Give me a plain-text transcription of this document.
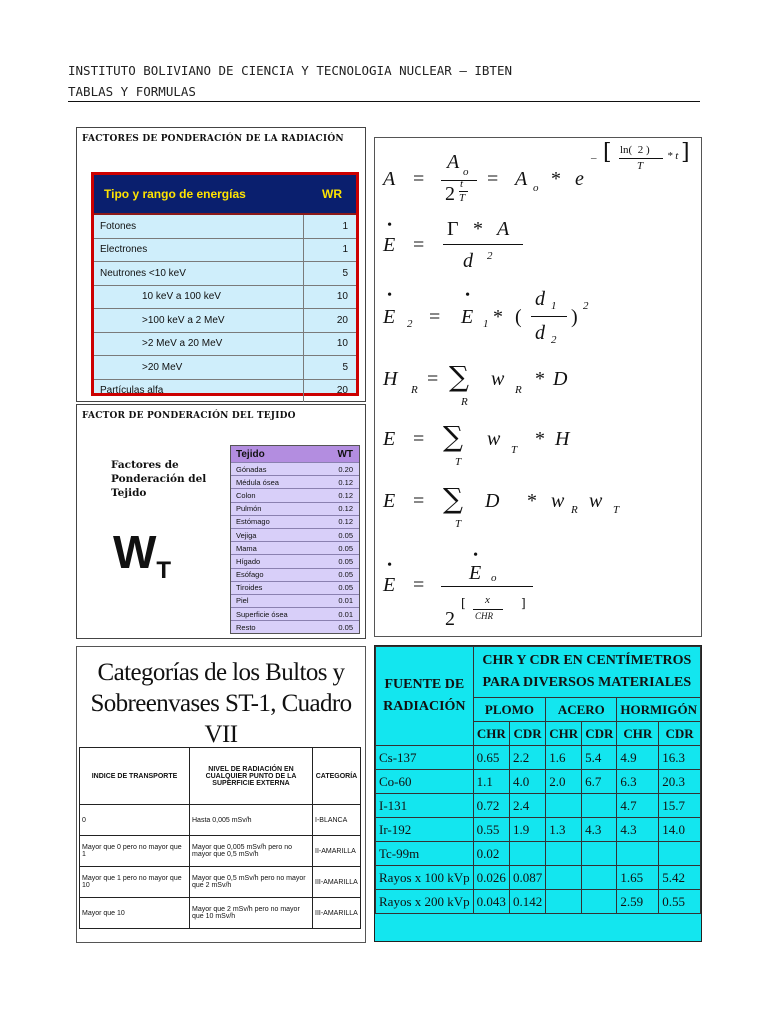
INSTITUTO BOLIVIANO DE CIENCIA Y TECNOLOGIA NUCLEAR – IBTEN
TABLAS Y FORMULAS
FACTORES DE PONDERACIÓN DE LA RADIACIÓN
Tipo y rango de energías	WR
Fotones	1
Electrones	1
Neutrones <10 keV	5
10 keV a 100 keV	10
>100 keV a 2 MeV	20
>2 MeV a 20 MeV	10
>20 MeV	5
Partículas alfa	20
FACTOR DE PONDERACIÓN DEL TEJIDO
Factores de
Ponderación del
Tejido
$W_T$
Tejido	WT
Gónadas	0.20
Médula ósea	0.12
Colon	0.12
Pulmón	0.12
Estómago	0.12
Vejiga	0.05
Mama	0.05
Hígado	0.05
Esófago	0.05
Tiroides	0.05
Piel	0.01
Superficie ósea	0.01
Resto	0.05
A =
A o
2 t
T
= A o * e
– [ ln(  2 )
T
* t ]
•
E =
Γ * A
d 2
•
E 2 =
•
E 1 * (
d 1
d 2
) 2
H R = ∑
R
w R * D
E = ∑
T
w T * H
E = ∑
T
D * w R w T
•
E =
•
E o
2
[ x
CHR
]
Categorías de los Bultos y
Sobreenvases ST-1, Cuadro VII
INDICE DE TRANSPORTE	NIVEL DE RADIACIÓN EN CUALQUIER PUNTO DE LA SUPERFICIE EXTERNA	CATEGORÍA
0	Hasta 0,005 mSv/h	I-BLANCA
Mayor que 0 pero no mayor que 1	Mayor que 0,005 mSv/h pero no mayor que 0,5 mSv/h	II-AMARILLA
Mayor que 1 pero no mayor que 10	Mayor que 0,5 mSv/h pero no mayor que 2 mSv/h	III-AMARILLA
Mayor que 10	Mayor que 2 mSv/h pero no mayor que 10 mSv/h	III-AMARILLA
FUENTE DE RADIACIÓN	CHR Y CDR EN CENTÍMETROS
PARA DIVERSOS MATERIALES					

	PLOMO		ACERO		HORMIGÓN	
	CHR	CDR	CHR	CDR	CHR	CDR
Cs-137	0.65	2.2	1.6	5.4	4.9	16.3
Co-60	1.1	4.0	2.0	6.7	6.3	20.3
I-131	0.72	2.4			4.7	15.7
Ir-192	0.55	1.9	1.3	4.3	4.3	14.0
Tc-99m	0.02					
Rayos x 100 kVp	0.026	0.087			1.65	5.42
Rayos x 200 kVp	0.043	0.142			2.59	0.55
